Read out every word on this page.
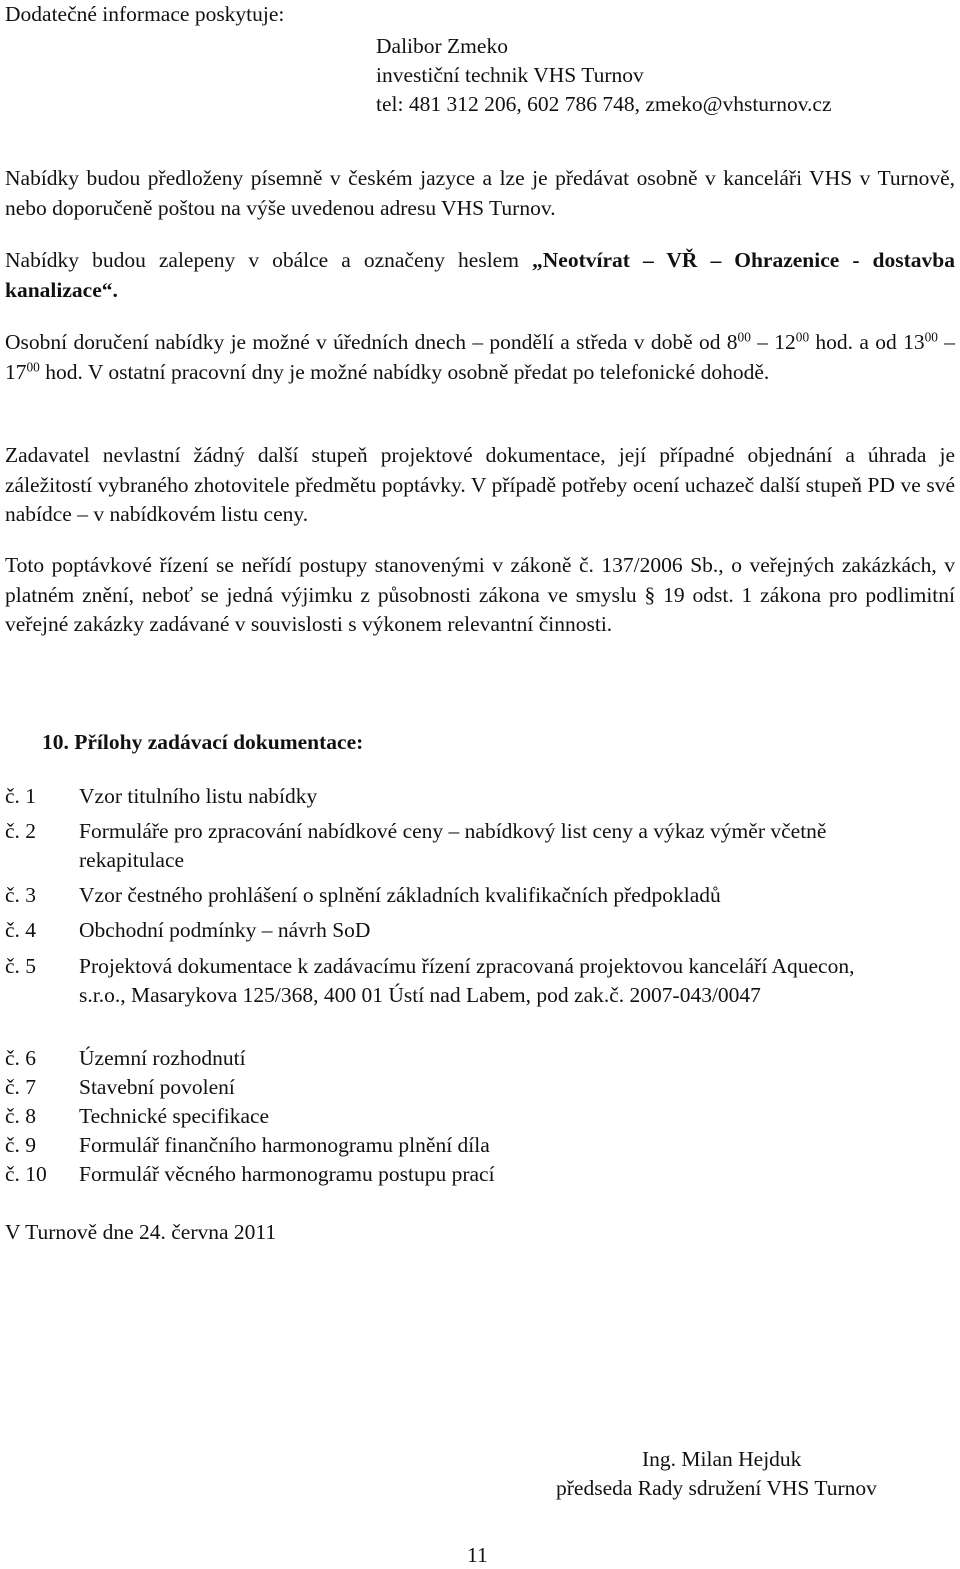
Dodatečné informace poskytuje:
Dalibor Zmeko
investiční technik VHS Turnov
tel: 481 312 206, 602 786 748, zmeko@vhsturnov.cz
Nabídky budou předloženy písemně v českém jazyce a lze je předávat osobně v kanceláři VHS v Turnově, nebo doporučeně poštou na výše uvedenou adresu VHS Turnov.
Nabídky budou zalepeny v obálce a označeny heslem „Neotvírat – VŘ – Ohrazenice - dostavba kanalizace“.
Osobní doručení nabídky je možné v úředních dnech – pondělí a středa v době od $8^{00} - 12^{00}$ hod. a od $13^{00} - 17^{00}$ hod. V ostatní pracovní dny je možné nabídky osobně předat po telefonické dohodě.
Zadavatel nevlastní žádný další stupeň projektové dokumentace, její případné objednání a úhrada je záležitostí vybraného zhotovitele předmětu poptávky. V případě potřeby ocení uchazeč další stupeň PD ve své nabídce – v nabídkovém listu ceny.
Toto poptávkové řízení se neřídí postupy stanovenými v zákoně č. 137/2006 Sb., o veřejných zakázkách, v platném znění, neboť se jedná výjimku z působnosti zákona ve smyslu § 19 odst. 1 zákona pro podlimitní veřejné zakázky zadávané v souvislosti s výkonem relevantní činnosti.
10. Přílohy zadávací dokumentace:
č. 1	Vzor titulního listu nabídky
č. 2	Formuláře pro zpracování nabídkové ceny – nabídkový list ceny a výkaz výměr včetně rekapitulace
č. 3	Vzor čestného prohlášení o splnění základních kvalifikačních předpokladů
č. 4	Obchodní podmínky – návrh SoD
č. 5	Projektová dokumentace k zadávacímu řízení zpracovaná projektovou kanceláří Aquecon, s.r.o., Masarykova 125/368, 400 01 Ústí nad Labem, pod zak.č. 2007-043/0047
č. 6	Územní rozhodnutí
č. 7	Stavební povolení
č. 8	Technické specifikace
č. 9	Formulář finančního harmonogramu plnění díla
č. 10	Formulář věcného harmonogramu postupu prací
V Turnově dne 24. června 2011
Ing. Milan Hejduk
předseda Rady sdružení VHS Turnov
11
